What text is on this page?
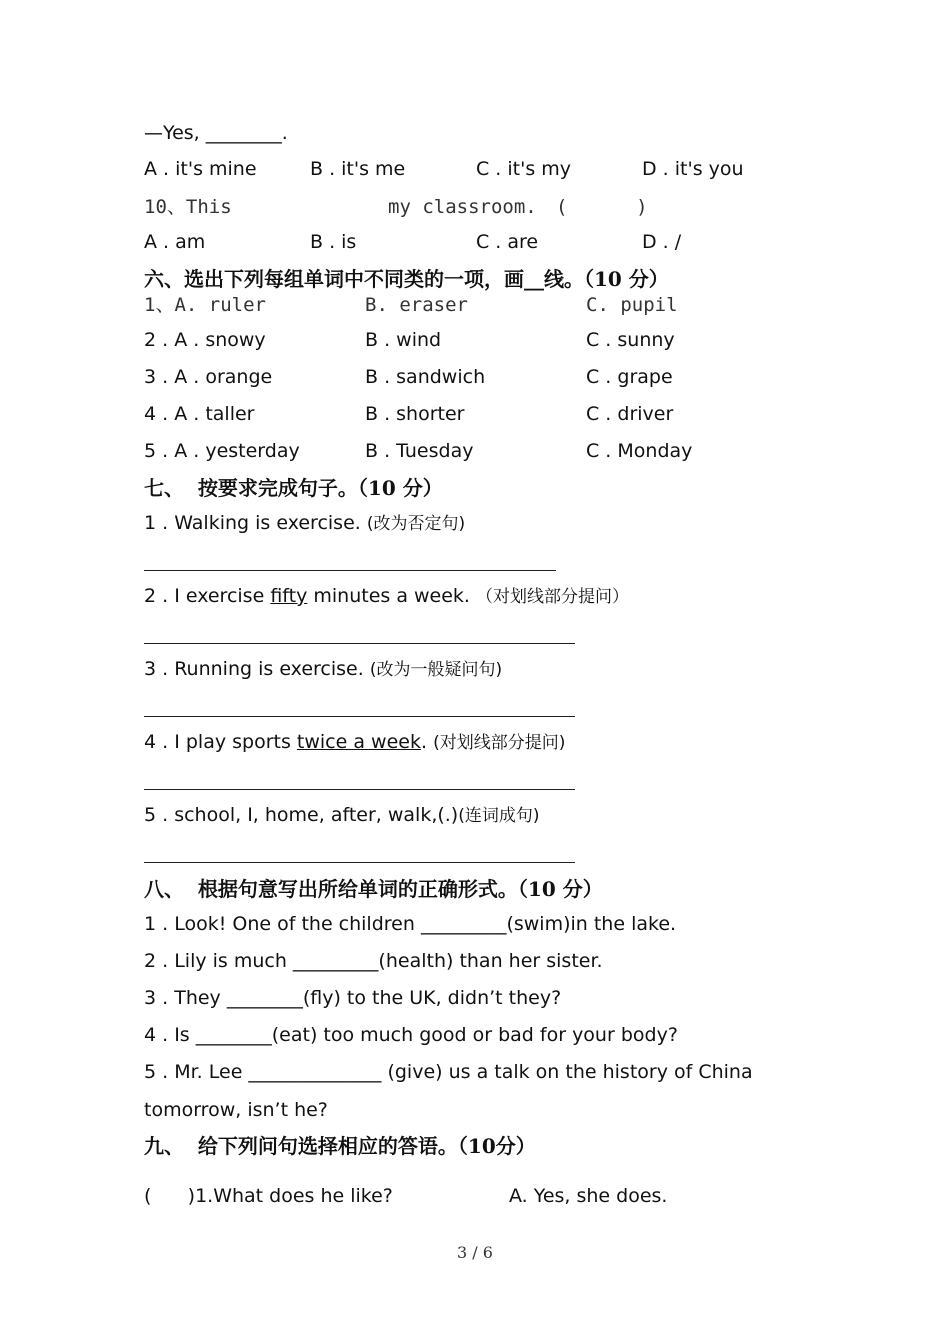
—Yes, ________.
A . it's mine	B . it's me	C . it's my	D . it's you
10、This	my classroom. (      )
A . am	B . is	C . are	D . /
六、选出下列每组单词中不同类的一项，画__线。（10 分）
1、A. ruler	B. eraser	C. pupil
2 . A . snowy	B . wind	C . sunny
3 . A . orange	B . sandwich	C . grape
4 . A . taller	B . shorter	C . driver
5 . A . yesterday	B . Tuesday	C . Monday
七、  按要求完成句子。（10 分）
1 . Walking is exercise. (改为否定句)
2 . I exercise fifty minutes a week. （对划线部分提问）
3 . Running is exercise. (改为一般疑问句)
4 . I play sports twice a week. (对划线部分提问)
5 . school, I, home, after, walk,(.)(连词成句)
八、  根据句意写出所给单词的正确形式。（10 分）
1 . Look! One of the children _________(swim)in the lake.
2 . Lily is much _________(health) than her sister.
3 . They ________(fly) to the UK, didn’t they?
4 . Is ________(eat) too much good or bad for your body?
5 . Mr. Lee ______________ (give) us a talk on the history of China
tomorrow, isn’t he?
九、  给下列问句选择相应的答语。（10分）
(      )1.What does he like?	A. Yes, she does.
3 / 6
